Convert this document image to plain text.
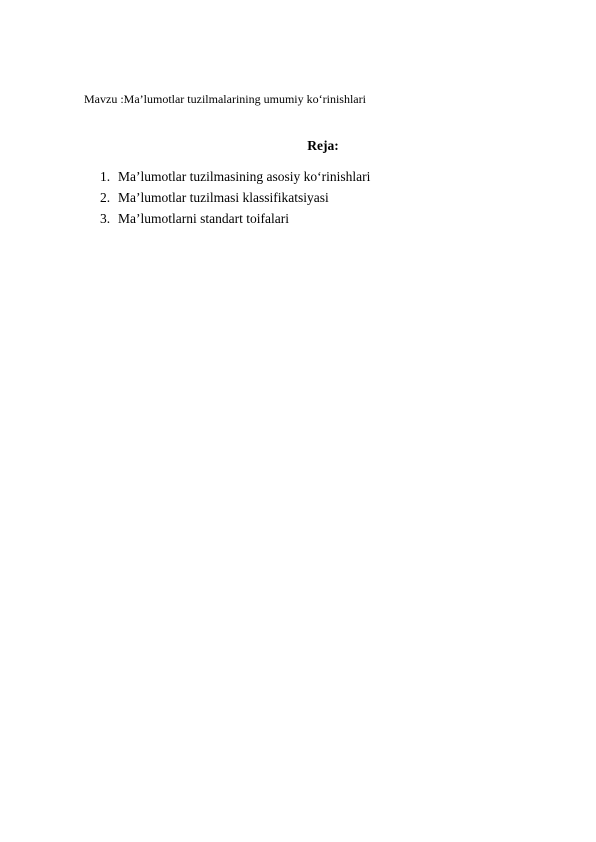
Mavzu :Ma’lumotlar tuzilmalarining umumiy ko‘rinishlari
Reja:
1. Ma’lumotlar tuzilmasining asosiy ko‘rinishlari
2. Ma’lumotlar tuzilmasi klassifikatsiyasi
3. Ma’lumotlarni standart toifalari
